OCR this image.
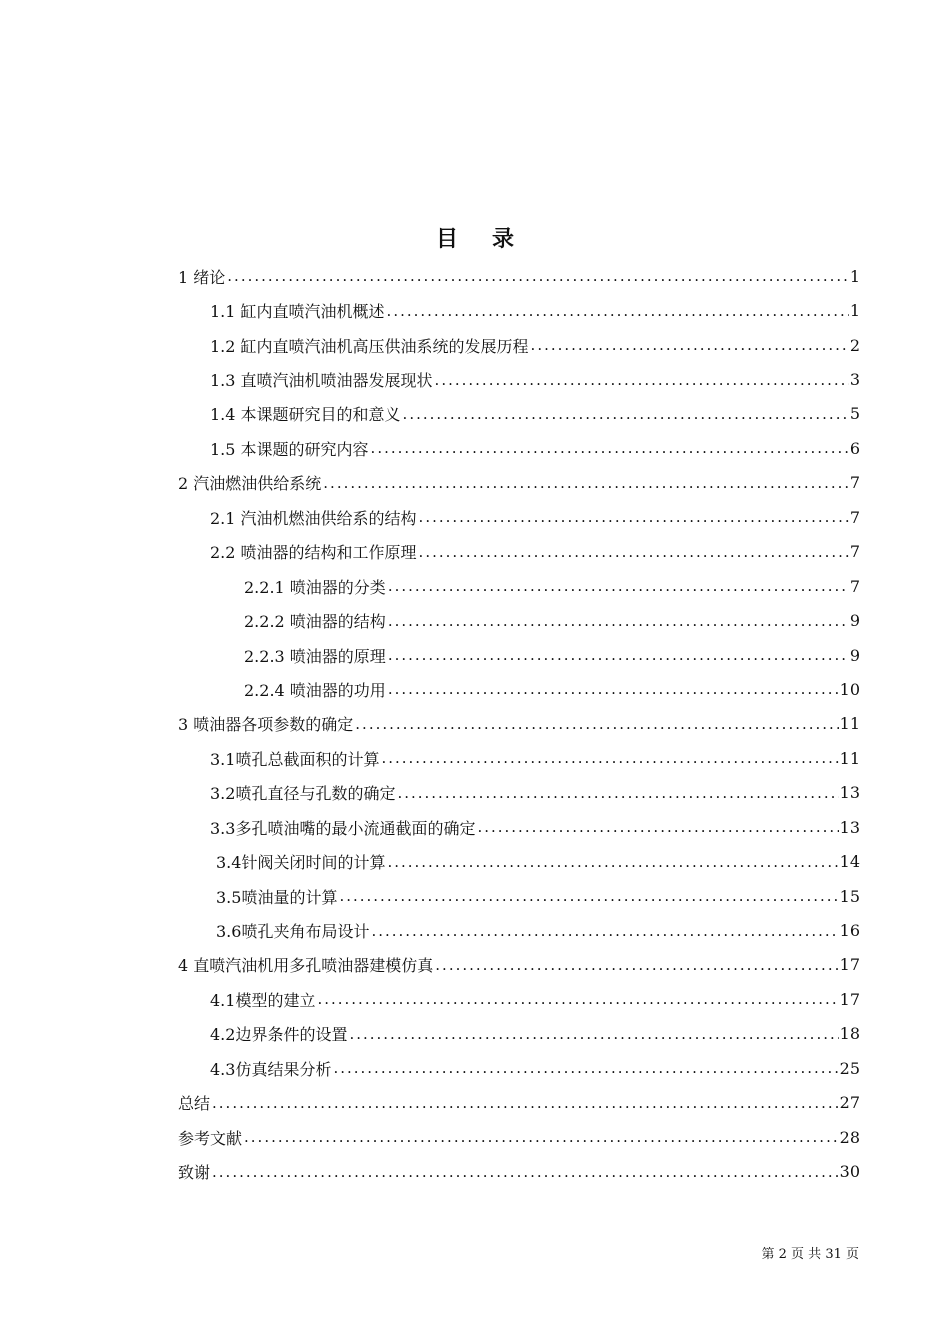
目 录
1 绪论 .....	1
1.1 缸内直喷汽油机概述 .....	1
1.2 缸内直喷汽油机高压供油系统的发展历程 .....	2
1.3 直喷汽油机喷油器发展现状 .....	3
1.4 本课题研究目的和意义 .....	5
1.5 本课题的研究内容 .....	6
2 汽油燃油供给系统 .....	7
2.1 汽油机燃油供给系的结构 .....	7
2.2 喷油器的结构和工作原理 .....	7
2.2.1 喷油器的分类 .....	7
2.2.2 喷油器的结构 .....	9
2.2.3 喷油器的原理 .....	9
2.2.4 喷油器的功用 .....	10
3 喷油器各项参数的确定 .....	11
3.1喷孔总截面积的计算 .....	11
3.2喷孔直径与孔数的确定 .....	13
3.3多孔喷油嘴的最小流通截面的确定 .....	13
3.4针阀关闭时间的计算 .....	14
3.5喷油量的计算 .....	15
3.6喷孔夹角布局设计 .....	16
4 直喷汽油机用多孔喷油器建模仿真 .....	17
4.1模型的建立 .....	17
4.2边界条件的设置 .....	18
4.3仿真结果分析 .....	25
总结 .....	27
参考文献 .....	28
致谢 .....	30
第 2 页 共 31 页
